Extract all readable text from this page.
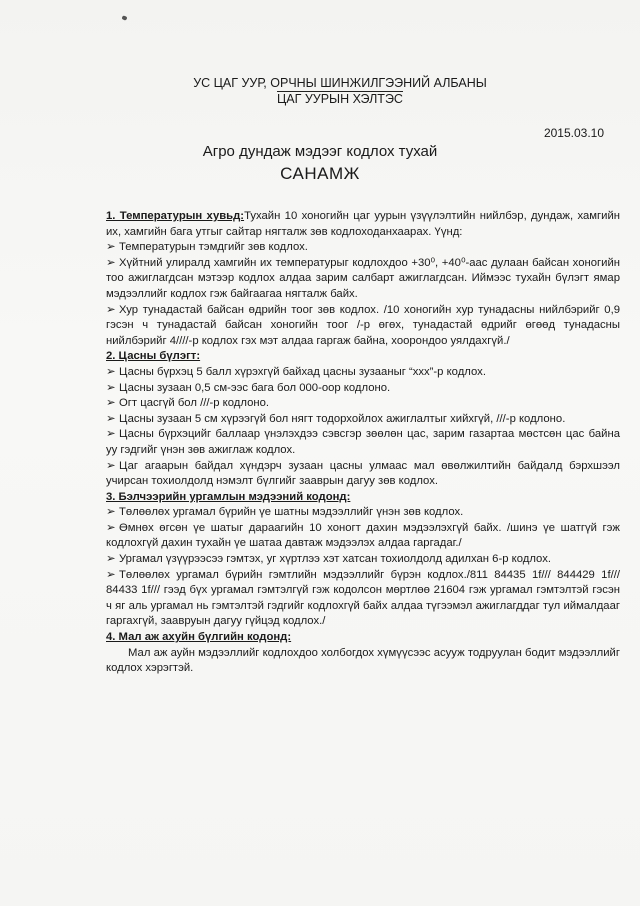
УС ЦАГ УУР, ОРЧНЫ ШИНЖИЛГЭЭНИЙ АЛБАНЫ
ЦАГ УУРЫН ХЭЛТЭС
2015.03.10
Агро дундаж мэдээг кодлох тухай
САНАМЖ

1. Температурын хувьд:Тухайн 10 хоногийн цаг уурын үзүүлэлтийн нийлбэр, дундаж, хамгийн их, хамгийн бага утгыг сайтар нягталж зөв кодлоходанхаарах. Үүнд:

➢ Температурын тэмдгийг зөв кодлох.

➢ Хүйтний улиралд хамгийн их температурыг кодлохдоо +30⁰, +40⁰-аас дулаан байсан хоногийн тоо ажиглагдсан мэтээр кодлох алдаа зарим салбарт ажиглагдсан. Иймээс тухайн бүлэгт ямар мэдээллийг кодлох гэж байгаагаа нягталж байх.

➢ Хур тунадастай байсан өдрийн тоог зөв кодлох. /10 хоногийн хур тунадасны нийлбэрийг 0,9 гэсэн ч тунадастай байсан хоногийн тоог /-р өгөх, тунадастай өдрийг өгөөд тунадасны нийлбэрийг 4////-р кодлох гэх мэт алдаа гаргаж байна, хоорондоо уялдахгүй./

2. Цасны бүлэгт:

➢ Цасны бүрхэц 5 балл хүрэхгүй байхад цасны зузааныг “ххх”-р кодлох.

➢ Цасны зузаан 0,5 см-ээс бага бол 000-оор кодлоно.

➢ Огт цасгүй бол ///-р кодлоно.

➢ Цасны зузаан 5 см хүрээгүй бол нягт тодорхойлох ажиглалтыг хийхгүй, ///-р кодлоно.

➢ Цасны бүрхэцийг баллаар үнэлэхдээ сэвсгэр зөөлөн цас, зарим газартаа мөстсөн цас байна уу гэдгийг үнэн зөв ажиглаж кодлох.

➢ Цаг агаарын байдал хүндэрч зузаан цасны улмаас мал өвөлжилтийн байдалд бэрхшээл учирсан тохиолдолд нэмэлт бүлгийг зааврын дагуу зөв кодлох.

3. Бэлчээрийн ургамлын мэдээний кодонд:

➢ Төлөөлөх ургамал бүрийн үе шатны мэдээллийг үнэн зөв кодлох.

➢ Өмнөх өгсөн үе шатыг дараагийн 10 хоногт дахин мэдээлэхгүй байх. /шинэ үе шатгүй гэж кодлохгүй дахин тухайн үе шатаа давтаж мэдээлэх алдаа гаргадаг./

➢ Ургамал үзүүрээсээ гэмтэх, уг хүртлээ хэт хатсан тохиолдолд адилхан 6-р кодлох.

➢ Төлөөлөх ургамал бүрийн гэмтлийн мэдээллийг бүрэн кодлох./811 84435 1f/// 844429 1f/// 84433 1f/// гээд бүх ургамал гэмтэлгүй гэж кодолсон мөртлөө 21604 гэж ургамал гэмтэлтэй гэсэн ч яг аль ургамал нь гэмтэлтэй гэдгийг кодлохгүй байх алдаа түгээмэл ажиглагддаг тул иймалдааг гаргахгүй, заавруын дагуу гүйцэд кодлох./

4. Мал аж ахуйн бүлгийн кодонд:

Мал аж ауйн мэдээллийг кодлохдоо холбогдох хүмүүсээс асууж тодруулан бодит мэдээллийг кодлох хэрэгтэй.
